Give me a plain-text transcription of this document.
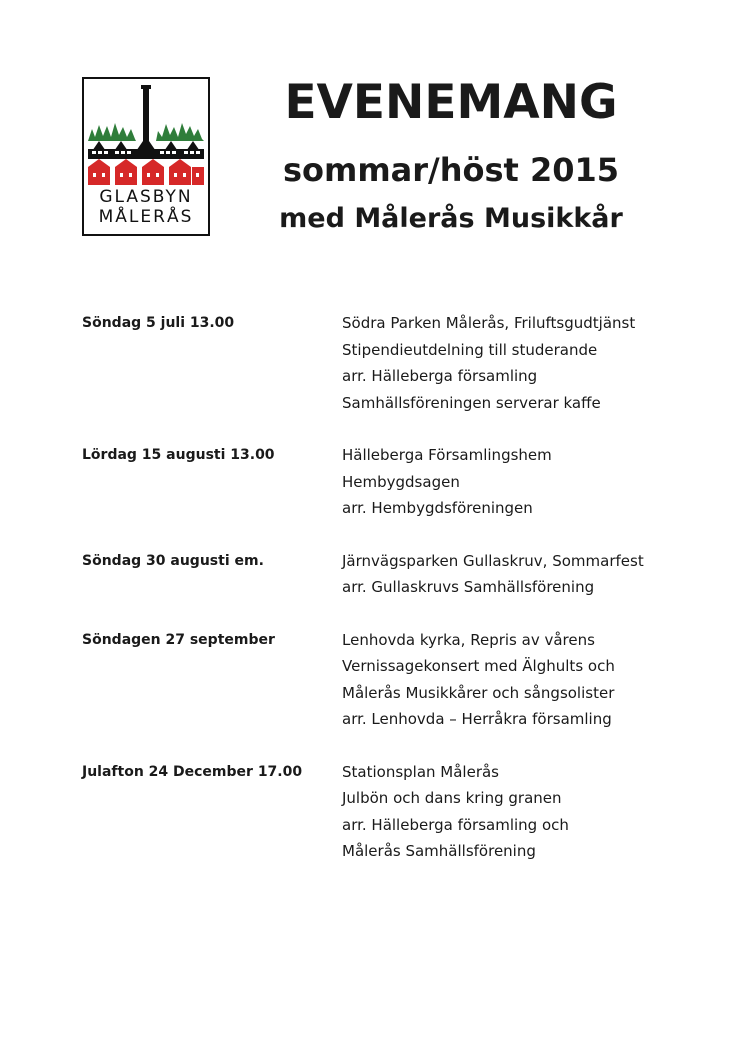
GLASBYN
MÅLERÅS
EVENEMANG
sommar/höst 2015
med Målerås Musikkår
Söndag 5 juli 13.00	Södra Parken Målerås, Friluftsgudtjänst
Stipendieutdelning till studerande
arr. Hälleberga församling
Samhällsföreningen serverar kaffe
Lördag 15 augusti 13.00	Hälleberga Församlingshem
Hembygdsagen
arr. Hembygdsföreningen
Söndag 30 augusti em.	Järnvägsparken Gullaskruv, Sommarfest
arr. Gullaskruvs Samhällsförening
Söndagen 27 september	Lenhovda kyrka, Repris av vårens
Vernissagekonsert med Älghults och
Målerås Musikkårer och sångsolister
arr. Lenhovda – Herråkra församling
Julafton 24 December 17.00	Stationsplan Målerås
Julbön och dans kring granen
arr. Hälleberga församling och
Målerås Samhällsförening
